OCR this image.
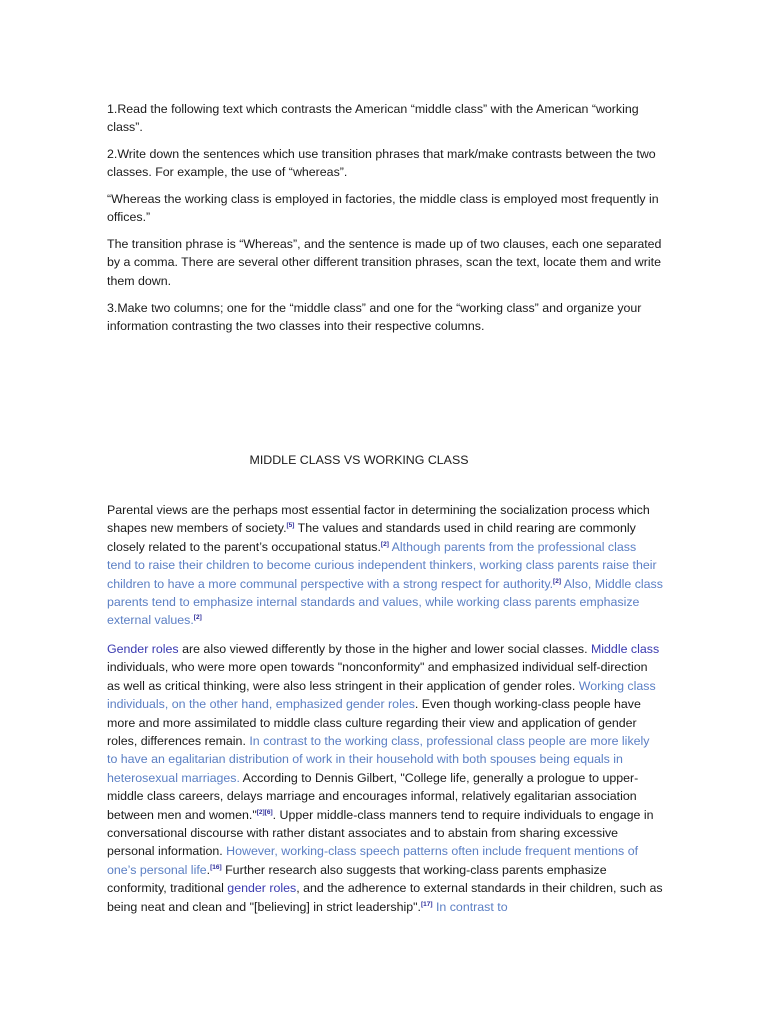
1.Read the following text which contrasts the American “middle class” with the American “working class”.

2.Write down the sentences which use transition phrases that mark/make contrasts between the two classes. For example, the use of “whereas”.

“Whereas the working class is employed in factories, the middle class is employed most frequently in offices.”

The transition phrase is “Whereas”, and the sentence is made up of two clauses, each one separated by a comma. There are several other different transition phrases, scan the text, locate them and write them down.

3.Make two columns; one for the “middle class” and one for the “working class” and organize your information contrasting the two classes into their respective columns.

MIDDLE CLASS VS WORKING CLASS

Parental views are the perhaps most essential factor in determining the socialization process which shapes new members of society.[5] The values and standards used in child rearing are commonly closely related to the parent’s occupational status.[2] Although parents from the professional class tend to raise their children to become curious independent thinkers, working class parents raise their children to have a more communal perspective with a strong respect for authority.[2] Also, Middle class parents tend to emphasize internal standards and values, while working class parents emphasize external values.[2]

Gender roles are also viewed differently by those in the higher and lower social classes. Middle class individuals, who were more open towards "nonconformity" and emphasized individual self-direction as well as critical thinking, were also less stringent in their application of gender roles. Working class individuals, on the other hand, emphasized gender roles. Even though working-class people have more and more assimilated to middle class culture regarding their view and application of gender roles, differences remain. In contrast to the working class, professional class people are more likely to have an egalitarian distribution of work in their household with both spouses being equals in heterosexual marriages. According to Dennis Gilbert, "College life, generally a prologue to upper-middle class careers, delays marriage and encourages informal, relatively egalitarian association between men and women."[2][6]. Upper middle-class manners tend to require individuals to engage in conversational discourse with rather distant associates and to abstain from sharing excessive personal information. However, working-class speech patterns often include frequent mentions of one’s personal life.[16] Further research also suggests that working-class parents emphasize conformity, traditional gender roles, and the adherence to external standards in their children, such as being neat and clean and "[believing] in strict leadership".[17] In contrast to
